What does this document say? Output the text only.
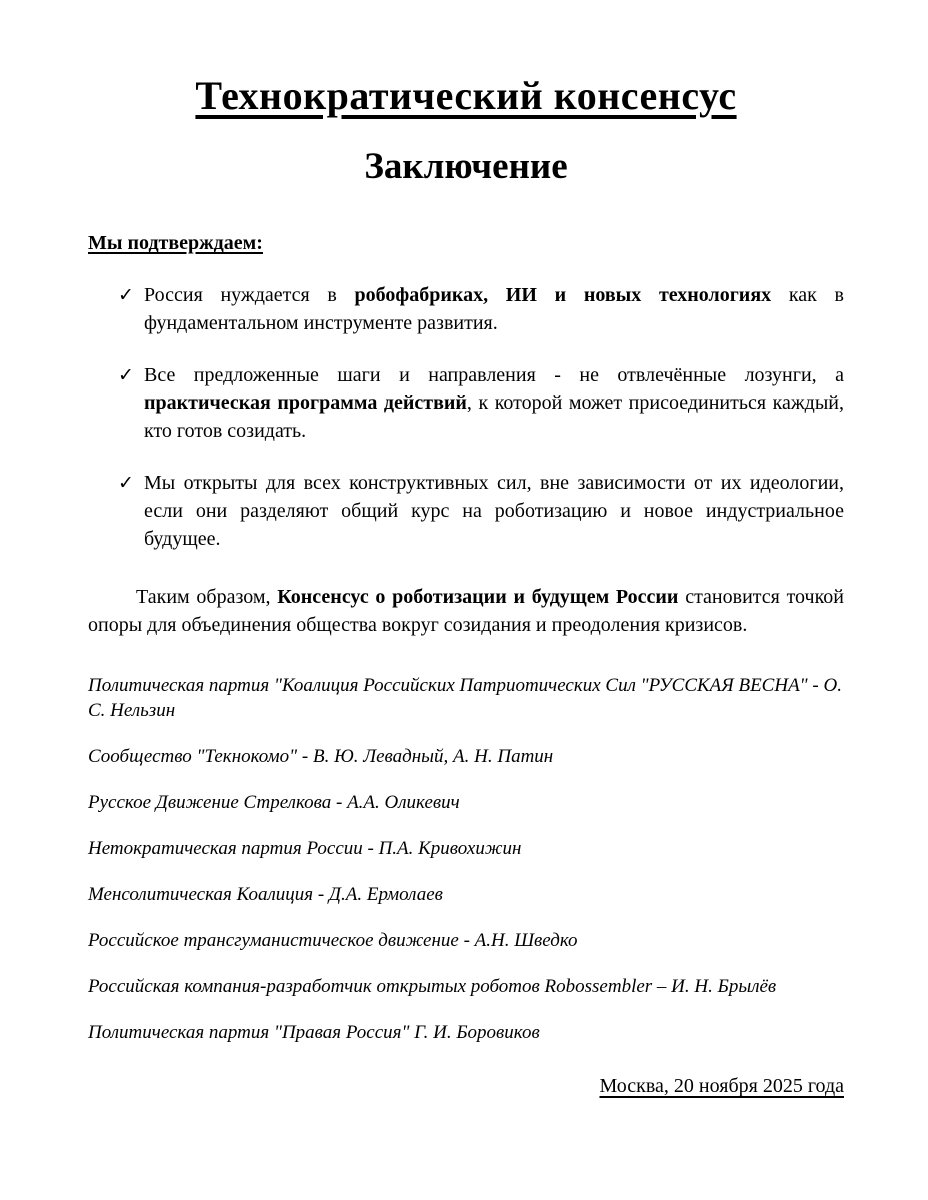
Технократический консенсус
Заключение
Мы подтверждаем:
✓ Россия нуждается в робофабриках, ИИ и новых технологиях как в фундаментальном инструменте развития.
✓ Все предложенные шаги и направления - не отвлечённые лозунги, а практическая программа действий, к которой может присоединиться каждый, кто готов созидать.
✓ Мы открыты для всех конструктивных сил, вне зависимости от их идеологии, если они разделяют общий курс на роботизацию и новое индустриальное будущее.

Таким образом, Консенсус о роботизации и будущем России становится точкой опоры для объединения общества вокруг созидания и преодоления кризисов.

Политическая партия "Коалиция Российских Патриотических Сил "РУССКАЯ ВЕСНА" - О. С. Нельзин

Сообщество "Текнокомо" - В. Ю. Левадный, А. Н. Патин

Русское Движение Стрелкова - А.А. Оликевич

Нетократическая партия России - П.А. Кривохижин

Менсолитическая Коалиция - Д.А. Ермолаев

Российское трансгуманистическое движение - А.Н. Шведко

Российская компания-разработчик открытых роботов Robossembler – И. Н. Брылёв

Политическая партия "Правая Россия" Г. И. Боровиков

Москва, 20 ноября 2025 года
